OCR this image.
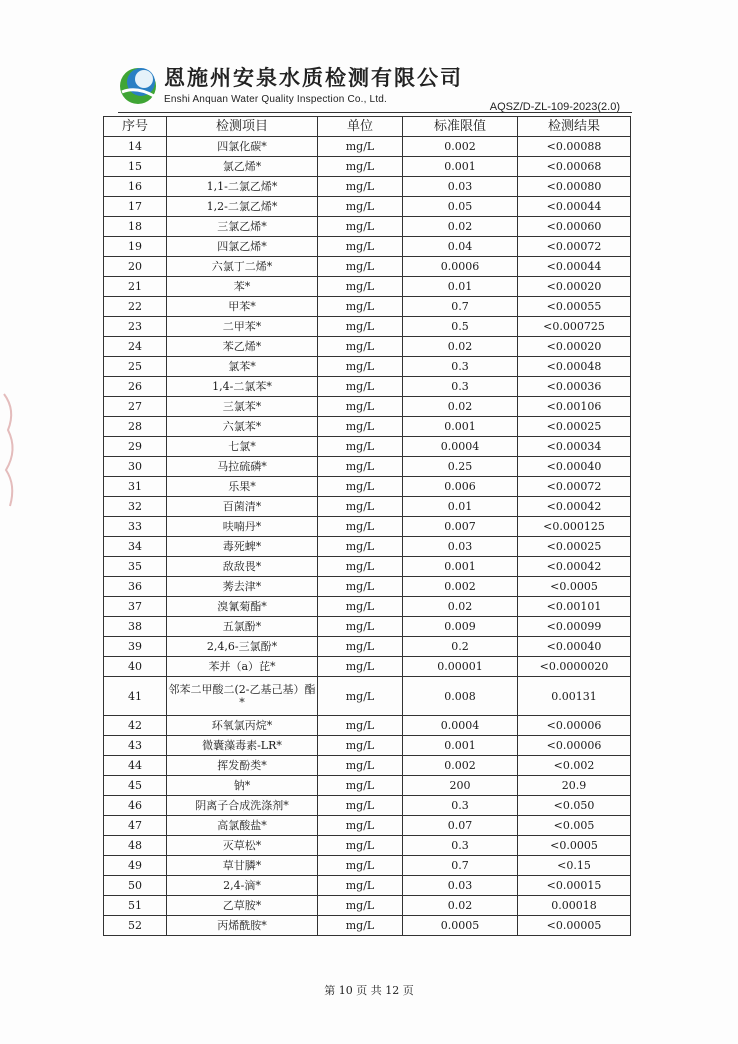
恩施州安泉水质检测有限公司
Enshi Anquan Water Quality Inspection Co., Ltd.
AQSZ/D-ZL-109-2023(2.0)
序号	检测项目	单位	标准限值	检测结果
14	四氯化碳*	mg/L	0.002	<0.00088
15	氯乙烯*	mg/L	0.001	<0.00068
16	1,1-二氯乙烯*	mg/L	0.03	<0.00080
17	1,2-二氯乙烯*	mg/L	0.05	<0.00044
18	三氯乙烯*	mg/L	0.02	<0.00060
19	四氯乙烯*	mg/L	0.04	<0.00072
20	六氯丁二烯*	mg/L	0.0006	<0.00044
21	苯*	mg/L	0.01	<0.00020
22	甲苯*	mg/L	0.7	<0.00055
23	二甲苯*	mg/L	0.5	<0.000725
24	苯乙烯*	mg/L	0.02	<0.00020
25	氯苯*	mg/L	0.3	<0.00048
26	1,4-二氯苯*	mg/L	0.3	<0.00036
27	三氯苯*	mg/L	0.02	<0.00106
28	六氯苯*	mg/L	0.001	<0.00025
29	七氯*	mg/L	0.0004	<0.00034
30	马拉硫磷*	mg/L	0.25	<0.00040
31	乐果*	mg/L	0.006	<0.00072
32	百菌清*	mg/L	0.01	<0.00042
33	呋喃丹*	mg/L	0.007	<0.000125
34	毒死蜱*	mg/L	0.03	<0.00025
35	敌敌畏*	mg/L	0.001	<0.00042
36	莠去津*	mg/L	0.002	<0.0005
37	溴氰菊酯*	mg/L	0.02	<0.00101
38	五氯酚*	mg/L	0.009	<0.00099
39	2,4,6-三氯酚*	mg/L	0.2	<0.00040
40	苯并（a）芘*	mg/L	0.00001	<0.0000020
41	邻苯二甲酸二(2-乙基己基）酯*	mg/L	0.008	0.00131
42	环氧氯丙烷*	mg/L	0.0004	<0.00006
43	微囊藻毒素-LR*	mg/L	0.001	<0.00006
44	挥发酚类*	mg/L	0.002	<0.002
45	钠*	mg/L	200	20.9
46	阴离子合成洗涤剂*	mg/L	0.3	<0.050
47	高氯酸盐*	mg/L	0.07	<0.005
48	灭草松*	mg/L	0.3	<0.0005
49	草甘膦*	mg/L	0.7	<0.15
50	2,4-滴*	mg/L	0.03	<0.00015
51	乙草胺*	mg/L	0.02	0.00018
52	丙烯酰胺*	mg/L	0.0005	<0.00005
第 10 页 共 12 页
